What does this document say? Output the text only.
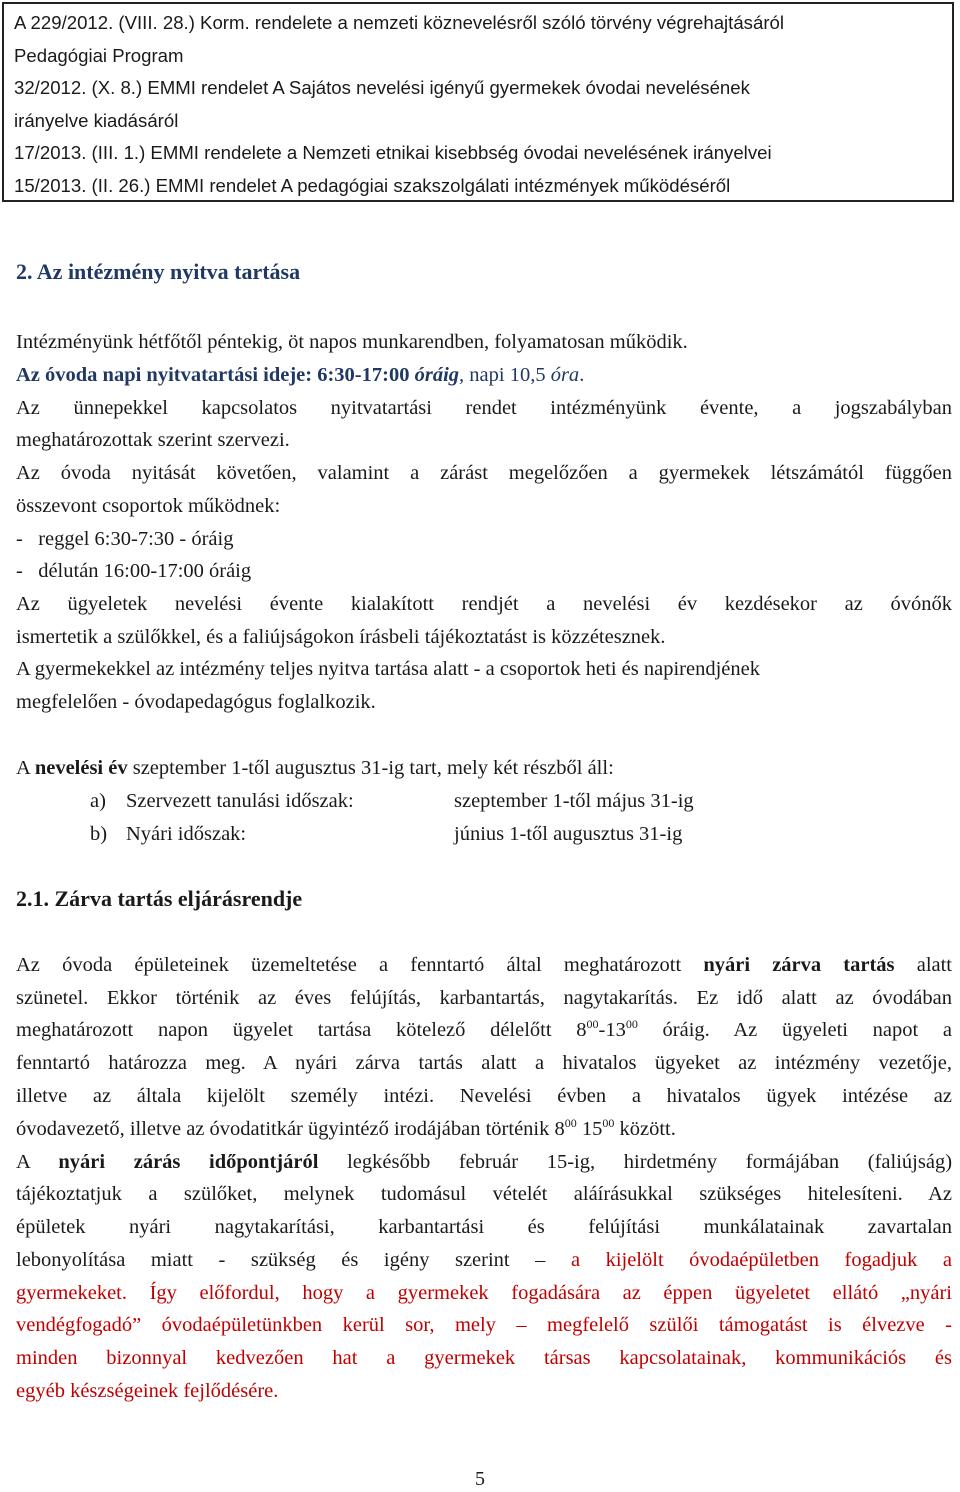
A 229/2012. (VIII. 28.) Korm. rendelete a nemzeti köznevelésről szóló törvény végrehajtásáról
Pedagógiai Program
32/2012. (X. 8.) EMMI rendelet A Sajátos nevelési igényű gyermekek óvodai nevelésének
irányelve kiadásáról
17/2013. (III. 1.) EMMI rendelete a Nemzeti etnikai kisebbség óvodai nevelésének irányelvei
15/2013. (II. 26.) EMMI rendelet A pedagógiai szakszolgálati intézmények működéséről
2. Az intézmény nyitva tartása
Intézményünk hétfőtől péntekig, öt napos munkarendben, folyamatosan működik.
Az óvoda napi nyitvatartási ideje: 6:30-17:00 óráig, napi 10,5 óra.
Az ünnepekkel kapcsolatos nyitvatartási rendet intézményünk évente, a jogszabályban
meghatározottak szerint szervezi.
Az óvoda nyitását követően, valamint a zárást megelőzően a gyermekek létszámától függően
összevont csoportok működnek:
-   reggel 6:30-7:30 - óráig
-   délután 16:00-17:00 óráig
Az ügyeletek nevelési évente kialakított rendjét a nevelési év kezdésekor az óvónők
ismertetik a szülőkkel, és a faliújságokon írásbeli tájékoztatást is közzétesznek.
A gyermekekkel az intézmény teljes nyitva tartása alatt - a csoportok heti és napirendjének
megfelelően - óvodapedagógus foglalkozik.
A nevelési év szeptember 1-től augusztus 31-ig tart, mely két részből áll:
a) Szervezett tanulási időszak:	szeptember 1-től május 31-ig
b) Nyári időszak:	június 1-től augusztus 31-ig
2.1. Zárva tartás eljárásrendje
Az óvoda épületeinek üzemeltetése a fenntartó által meghatározott nyári zárva tartás alatt
szünetel. Ekkor történik az éves felújítás, karbantartás, nagytakarítás. Ez idő alatt az óvodában
meghatározott napon ügyelet tartása kötelező délelőtt $8^{00}-13^{00}$ óráig. Az ügyeleti napot a
fenntartó határozza meg. A nyári zárva tartás alatt a hivatalos ügyeket az intézmény vezetője,
illetve az általa kijelölt személy intézi. Nevelési évben a hivatalos ügyek intézése az
óvodavezető, illetve az óvodatitkár ügyintéző irodájában történik $8^{00}$ $15^{00}$ között.
A nyári zárás időpontjáról legkésőbb február 15-ig, hirdetmény formájában (faliújság)
tájékoztatjuk a szülőket, melynek tudomásul vételét aláírásukkal szükséges hitelesíteni. Az
épületek nyári nagytakarítási, karbantartási és felújítási munkálatainak zavartalan
lebonyolítása miatt - szükség és igény szerint – a kijelölt óvodaépületben fogadjuk a
gyermekeket. Így előfordul, hogy a gyermekek fogadására az éppen ügyeletet ellátó „nyári
vendégfogadó” óvodaépületünkben kerül sor, mely – megfelelő szülői támogatást is élvezve -
minden bizonnyal kedvezően hat a gyermekek társas kapcsolatainak, kommunikációs és
egyéb készségeinek fejlődésére.
5
